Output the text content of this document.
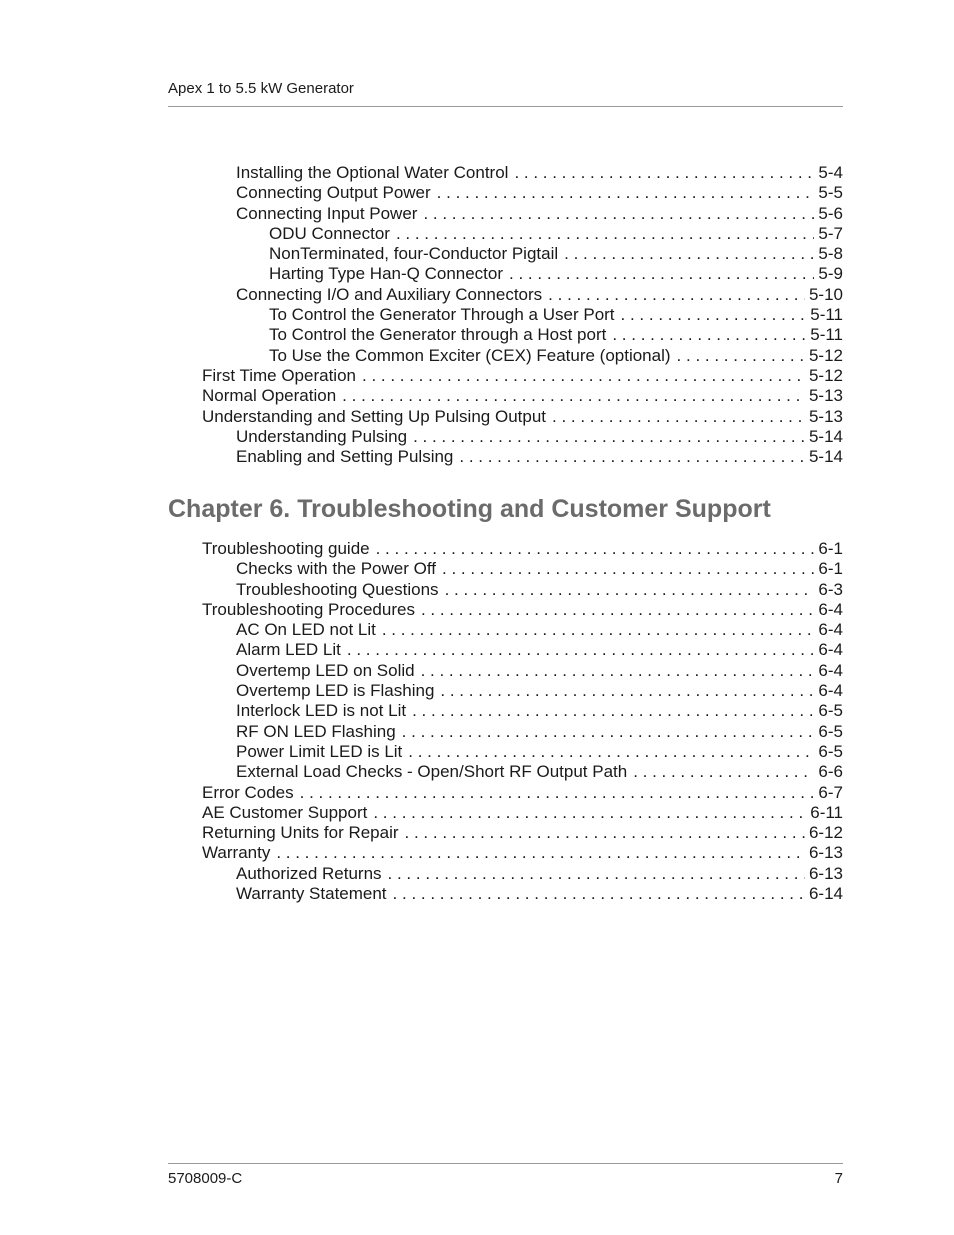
Apex 1 to 5.5 kW Generator
Installing the Optional Water Control . . .	5-4
Connecting Output Power . . .	5-5
Connecting Input Power . . .	5-6
ODU Connector . . .	5-7
NonTerminated, four-Conductor Pigtail . . .	5-8
Harting Type Han-Q Connector . . .	5-9
Connecting I/O and Auxiliary Connectors . . .	5-10
To Control the Generator Through a User Port . . .	5-11
To Control the Generator through a Host port . . .	5-11
To Use the Common Exciter (CEX) Feature (optional) . . .	5-12
First Time Operation . . .	5-12
Normal Operation . . .	5-13
Understanding and Setting Up Pulsing Output . . .	5-13
Understanding Pulsing . . .	5-14
Enabling and Setting Pulsing . . .	5-14
Chapter 6. Troubleshooting and Customer Support
Troubleshooting guide . . .	6-1
Checks with the Power Off . . .	6-1
Troubleshooting Questions . . .	6-3
Troubleshooting Procedures . . .	6-4
AC On LED not Lit . . .	6-4
Alarm LED Lit . . .	6-4
Overtemp LED on Solid . . .	6-4
Overtemp LED is Flashing . . .	6-4
Interlock LED is not Lit . . .	6-5
RF ON LED Flashing . . .	6-5
Power Limit LED is Lit . . .	6-5
External Load Checks - Open/Short RF Output Path . . .	6-6
Error Codes . . .	6-7
AE Customer Support . . .	6-11
Returning Units for Repair . . .	6-12
Warranty . . .	6-13
Authorized Returns . . .	6-13
Warranty Statement . . .	6-14
5708009-C	7
